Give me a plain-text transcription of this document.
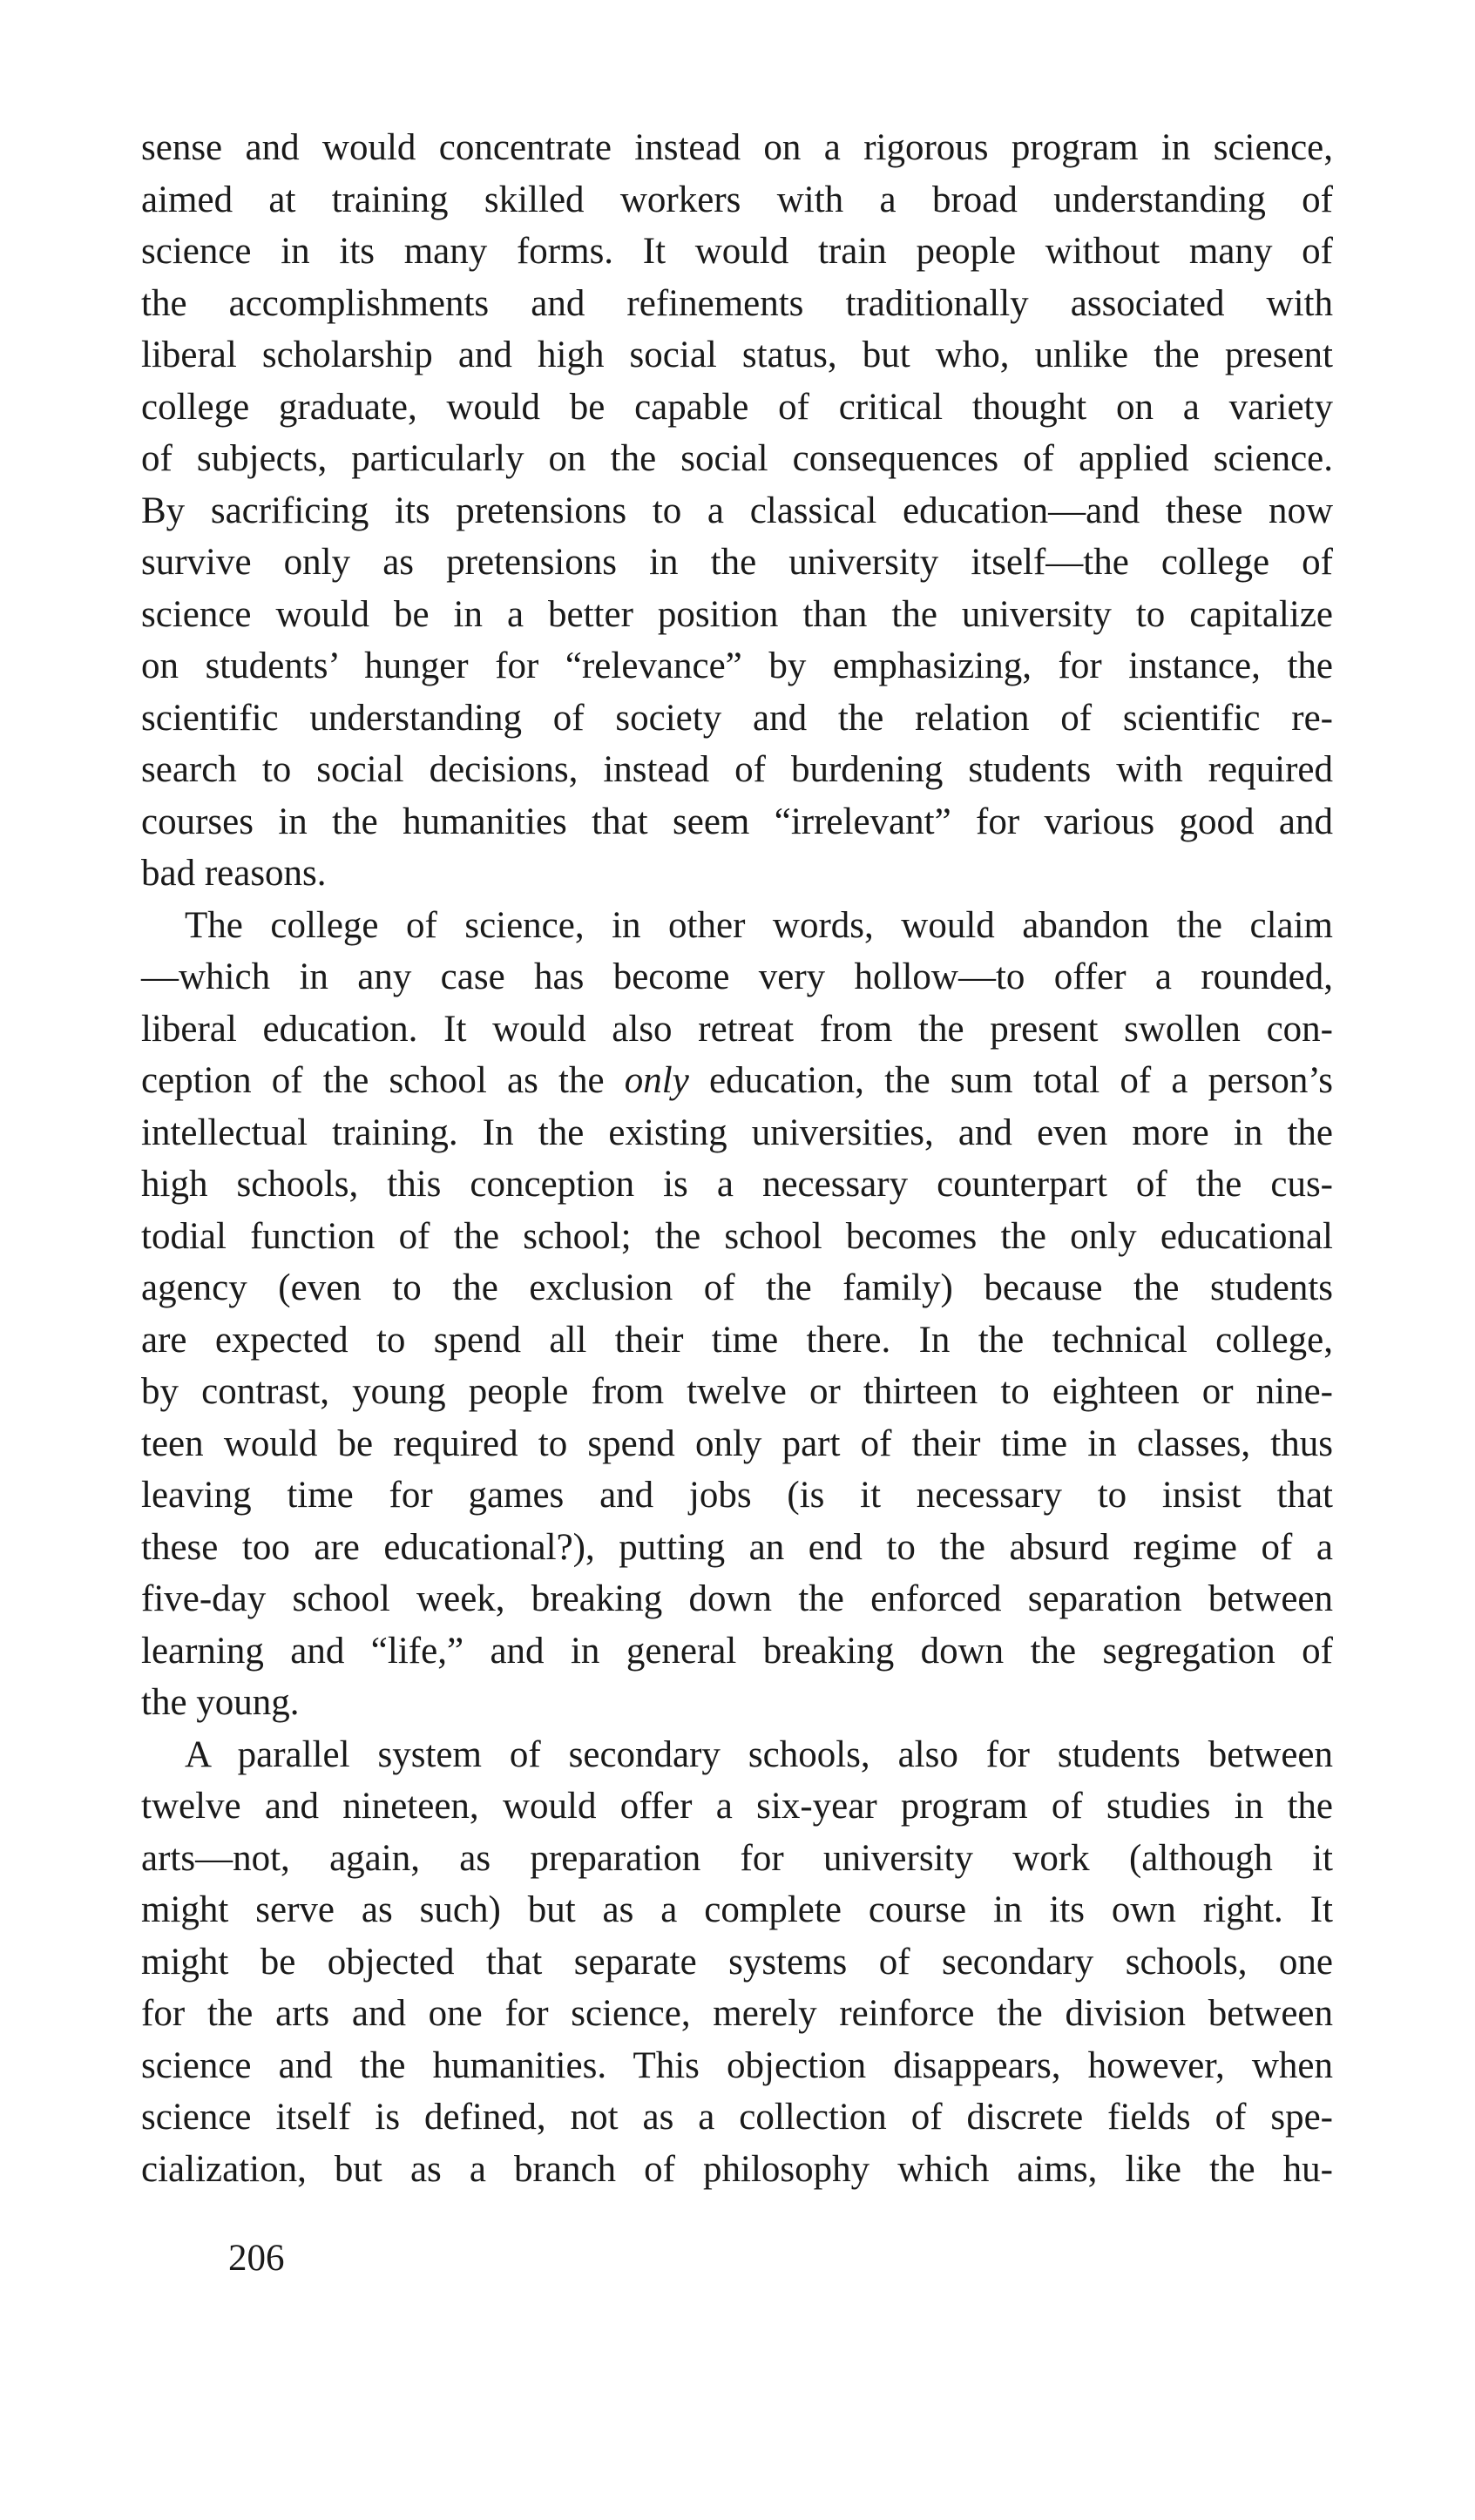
sense and would concentrate instead on a rigorous program in science,
aimed at training skilled workers with a broad understanding of
science in its many forms. It would train people without many of
the accomplishments and refinements traditionally associated with
liberal scholarship and high social status, but who, unlike the present
college graduate, would be capable of critical thought on a variety
of subjects, particularly on the social consequences of applied science.
By sacrificing its pretensions to a classical education—and these now
survive only as pretensions in the university itself—the college of
science would be in a better position than the university to capitalize
on students’ hunger for “relevance” by emphasizing, for instance, the
scientific understanding of society and the relation of scientific re-
search to social decisions, instead of burdening students with required
courses in the humanities that seem “irrelevant” for various good and
bad reasons.
The college of science, in other words, would abandon the claim
—which in any case has become very hollow—to offer a rounded,
liberal education. It would also retreat from the present swollen con-
ception of the school as the only education, the sum total of a person’s
intellectual training. In the existing universities, and even more in the
high schools, this conception is a necessary counterpart of the cus-
todial function of the school; the school becomes the only educational
agency (even to the exclusion of the family) because the students
are expected to spend all their time there. In the technical college,
by contrast, young people from twelve or thirteen to eighteen or nine-
teen would be required to spend only part of their time in classes, thus
leaving time for games and jobs (is it necessary to insist that
these too are educational?), putting an end to the absurd regime of a
five-day school week, breaking down the enforced separation between
learning and “life,” and in general breaking down the segregation of
the young.
A parallel system of secondary schools, also for students between
twelve and nineteen, would offer a six-year program of studies in the
arts—not, again, as preparation for university work (although it
might serve as such) but as a complete course in its own right. It
might be objected that separate systems of secondary schools, one
for the arts and one for science, merely reinforce the division between
science and the humanities. This objection disappears, however, when
science itself is defined, not as a collection of discrete fields of spe-
cialization, but as a branch of philosophy which aims, like the hu-
206
